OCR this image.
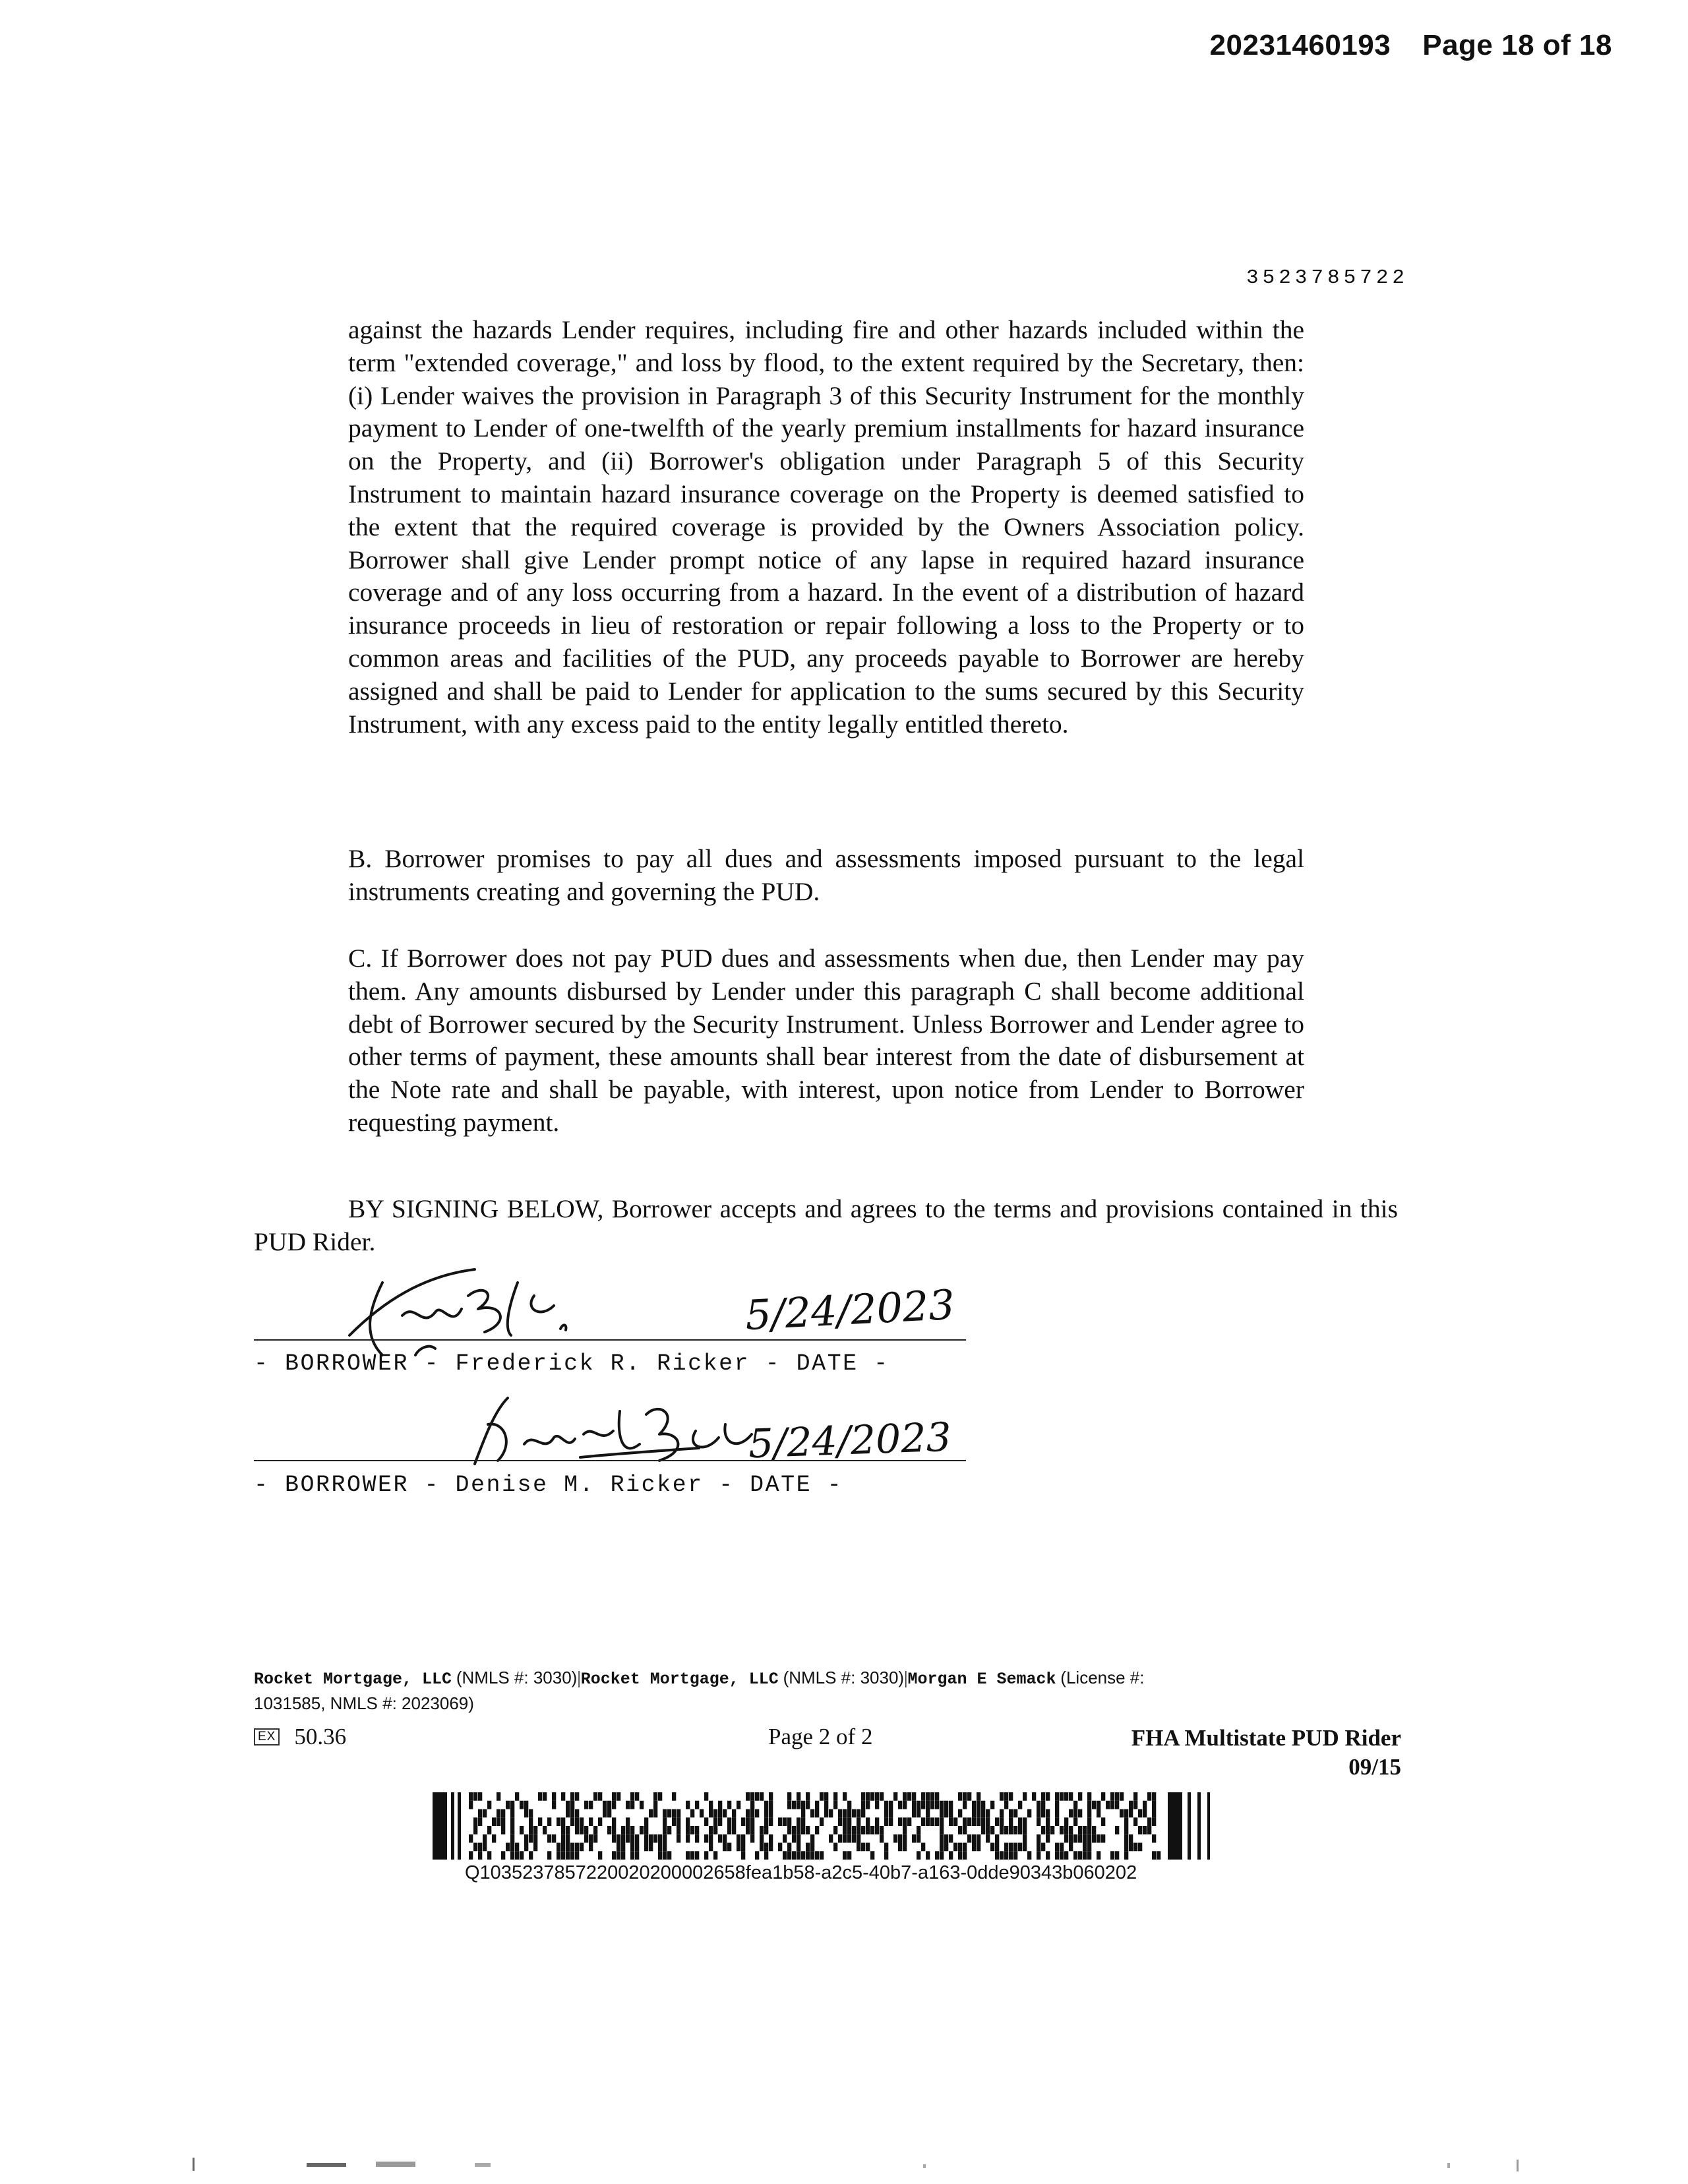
20231460193 Page 18 of 18
3523785722
against the hazards Lender requires, including fire and other hazards included within the term "extended coverage," and loss by flood, to the extent required by the Secretary, then: (i) Lender waives the provision in Paragraph 3 of this Security Instrument for the monthly payment to Lender of one-twelfth of the yearly premium installments for hazard insurance on the Property, and (ii) Borrower's obligation under Paragraph 5 of this Security Instrument to maintain hazard insurance coverage on the Property is deemed satisfied to the extent that the required coverage is provided by the Owners Association policy. Borrower shall give Lender prompt notice of any lapse in required hazard insurance coverage and of any loss occurring from a hazard. In the event of a distribution of hazard insurance proceeds in lieu of restoration or repair following a loss to the Property or to common areas and facilities of the PUD, any proceeds payable to Borrower are hereby assigned and shall be paid to Lender for application to the sums secured by this Security Instrument, with any excess paid to the entity legally entitled thereto.
B. Borrower promises to pay all dues and assessments imposed pursuant to the legal instruments creating and governing the PUD.
C. If Borrower does not pay PUD dues and assessments when due, then Lender may pay them. Any amounts disbursed by Lender under this paragraph C shall become additional debt of Borrower secured by the Security Instrument. Unless Borrower and Lender agree to other terms of payment, these amounts shall bear interest from the date of disbursement at the Note rate and shall be payable, with interest, upon notice from Lender to Borrower requesting payment.
BY SIGNING BELOW, Borrower accepts and agrees to the terms and provisions contained in this PUD Rider.
5/24/2023
- BORROWER - Frederick R. Ricker - DATE -
5/24/2023
- BORROWER - Denise M. Ricker - DATE -
Rocket Mortgage, LLC (NMLS #: 3030)|Rocket Mortgage, LLC (NMLS #: 3030)|Morgan E Semack (License #:
1031585, NMLS #: 2023069)
EX 50.36	Page 2 of 2	FHA Multistate PUD Rider
09/15
Q1035237857220020200002658fea1b58-a2c5-40b7-a163-0dde90343b060202
